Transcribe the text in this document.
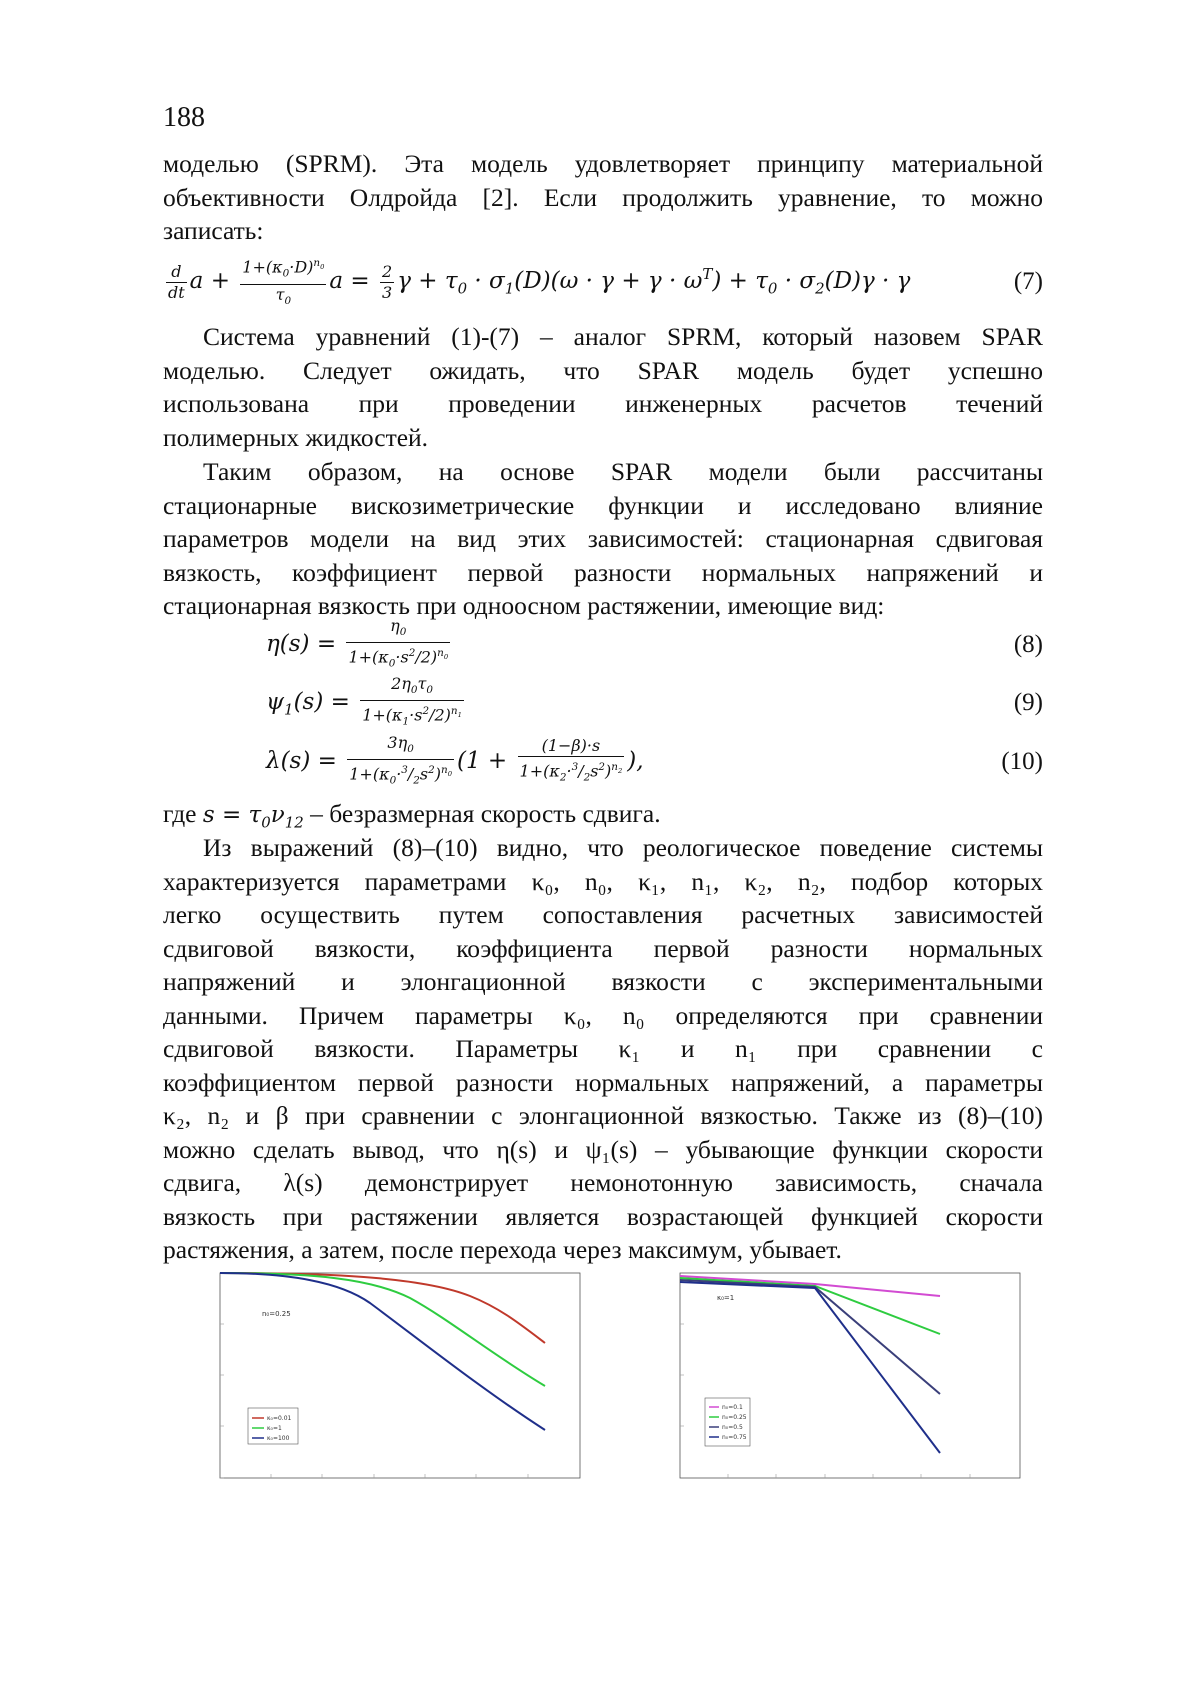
188

моделью (SPRM). Эта модель удовлетворяет принципу материальной

объективности Олдройда [2]. Если продолжить уравнение, то можно

записать:

$\frac{d}{dt}$ $a + \frac{1+(\kappa_0\cdot D)^{n_0}}{\tau_0}$ $a = \frac{2}{3}$ $\gamma + \tau_0 \cdot \sigma_1(D)(\omega \cdot \gamma + \gamma \cdot \omega^T) + \tau_0 \cdot \sigma_2(D)\gamma \cdot \gamma$	(7)

Система уравнений (1)-(7) – аналог SPRM, который назовем SPAR

моделью. Следует ожидать, что SPAR модель будет успешно

использована при проведении инженерных расчетов течений

полимерных жидкостей.

Таким образом, на основе SPAR модели были рассчитаны

стационарные вискозиметрические функции и исследовано влияние

параметров модели на вид этих зависимостей: стационарная сдвиговая

вязкость, коэффициент первой разности нормальных напряжений и

стационарная вязкость при одноосном растяжении, имеющие вид:

$\eta(s) = \frac{\eta_0}{1+(\kappa_0\cdot s^2/2)^{n_0}}$	(8)
$\psi_1(s) = \frac{2\eta_0\tau_0}{1+(\kappa_1\cdot s^2/2)^{n_1}}$	(9)
$\lambda(s) = \frac{3\eta_0}{1+(\kappa_0\cdot^3/_2s^2)^{n_0}} (1 + \frac{(1-\beta)\cdot s}{1+(\kappa_2\cdot^3/_2s^2)^{n_2}}$ ),	(10)

где $s = \tau_0\nu_{12}$ – безразмерная скорость сдвига.

Из выражений (8)–(10) видно, что реологическое поведение системы

характеризуется параметрами κ₀, n₀, κ₁, n₁, κ₂, n₂, подбор которых

легко осуществить путем сопоставления расчетных зависимостей

сдвиговой вязкости, коэффициента первой разности нормальных

напряжений и элонгационной вязкости с экспериментальными

данными. Причем параметры κ₀, n₀ определяются при сравнении

сдвиговой вязкости. Параметры κ₁ и n₁ при сравнении с

коэффициентом первой разности нормальных напряжений, а параметры

κ₂, n₂ и β при сравнении с элонгационной вязкостью. Также из (8)–(10)

можно сделать вывод, что η(s) и ψ₁(s) – убывающие функции скорости

сдвига, λ(s) демонстрирует немонотонную зависимость, сначала

вязкость при растяжении является возрастающей функцией скорости

растяжения, а затем, после перехода через максимум, убывает.

n₀=0.25
κ₀=0.01
κ₀=1
κ₀=100
κ₀=1
n₀=0.1
n₀=0.25
n₀=0.5
n₀=0.75
